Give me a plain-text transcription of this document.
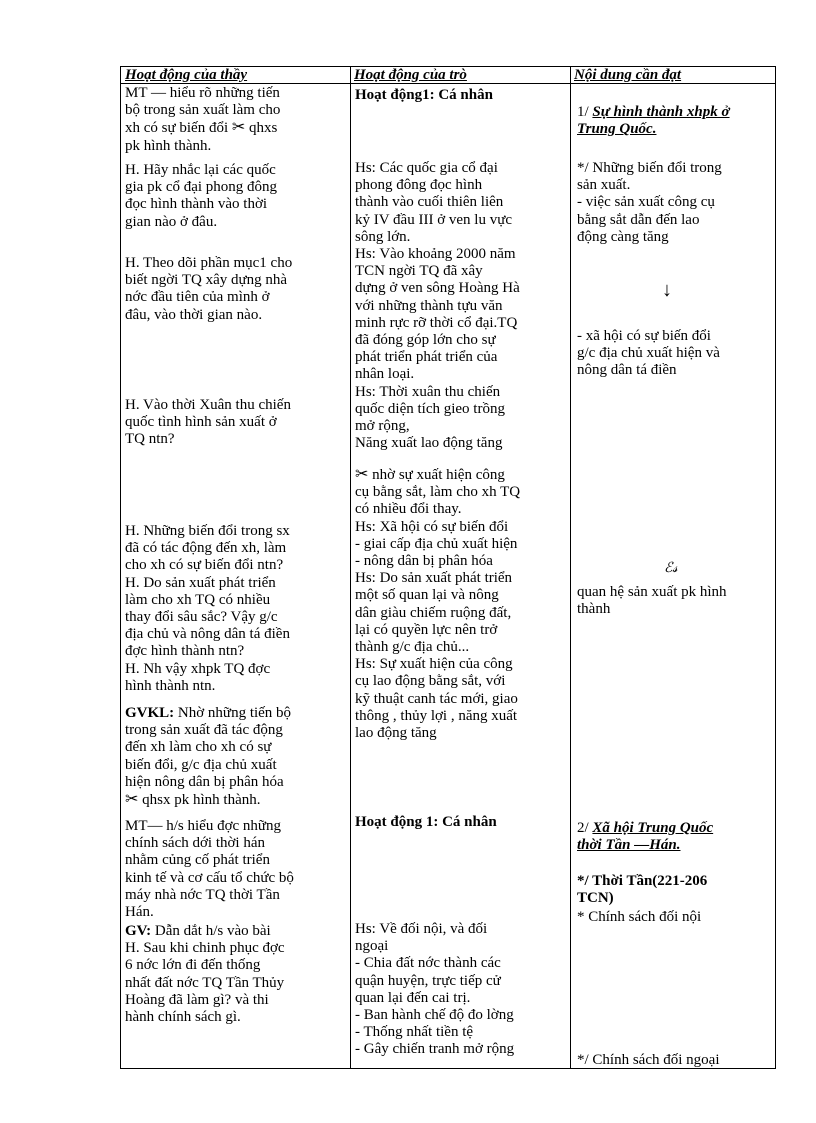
Hoạt động của thầy	Hoạt động của trò	Nội dung cần đạt
MT — hiểu rõ những tiến
bộ trong sản xuất làm cho
xh có sự biến đổi ✂ qhxs
pk hình thành.
H. Hãy nhắc lại các quốc
gia pk cổ đại phong đông
đọc hình thành vào thời
gian nào ở đâu.
H. Theo dõi phần mục1 cho
biết ngời TQ xây dựng nhà
nớc đầu tiên của mình ở
đâu, vào thời gian nào.
H. Vào thời Xuân thu chiến
quốc tình hình sản xuất ở
TQ ntn?
H. Những biến đổi trong sx
đã có tác động đến xh, làm
cho xh có sự biến đổi ntn?
H. Do sản xuất phát triển
làm cho xh TQ có nhiều
thay đổi sâu sắc? Vậy g/c
địa chủ và nông dân tá điền
đợc hình thành ntn?
H. Nh vậy xhpk TQ đợc
hình thành ntn.
GVKL: Nhờ những tiến bộ
trong sản xuất đã tác động
đến xh làm cho xh có sự
biến đổi, g/c địa chủ xuất
hiện nông dân bị phân hóa
✂ qhsx pk hình thành.
MT— h/s hiểu đợc những
chính sách dới thời hán
nhằm củng cố phát triển
kinh tế và cơ cấu tổ chức bộ
máy nhà nớc TQ thời Tần
Hán.
GV: Dẫn dắt h/s vào bài
H. Sau khi chinh phục đợc
6 nớc lớn đi đến thống
nhất đất nớc TQ Tần Thủy
Hoàng đã làm gì? và thi
hành chính sách gì.
Hoạt động1: Cá nhân
Hs: Các quốc gia cổ đại
phong đông đọc hình
thành vào cuối thiên liên
kỷ IV đầu III ở ven lu vực
sông lớn.
Hs: Vào khoảng 2000 năm
TCN ngời TQ đã xây
dựng ở ven sông Hoàng Hà
với những thành tựu văn
minh rực rỡ thời cổ đại.TQ
đã đóng góp lớn cho sự
phát triển phát triển của
nhân loại.
Hs: Thời xuân thu chiến
quốc diện tích gieo trồng
mở rộng,
Năng xuất lao động tăng
✂ nhờ sự xuất hiện công
cụ bằng sắt, làm cho xh TQ
có nhiều đổi thay.
Hs: Xã hội có sự biến đổi
- giai cấp địa chủ xuất hiện
- nông dân bị phân hóa
Hs: Do sản xuất phát triển
một số quan lại và nông
dân giàu chiếm ruộng đất,
lại có quyền lực nên trở
thành g/c địa chủ...
Hs: Sự xuất hiện của công
cụ lao động bằng sắt, với
kỹ thuật canh tác mới, giao
thông , thủy lợi , năng xuất
lao động tăng
Hoạt động 1: Cá nhân
Hs: Về đối nội, và đối
ngoại
- Chia đất nớc thành các
quận huyện, trực tiếp cử
quan lại đến cai trị.
- Ban hành chế độ đo lờng
- Thống nhất tiền tệ
- Gây chiến tranh mở rộng
1/ Sự hình thành xhpk ở
Trung Quốc.
*/ Những biến đổi trong
sản xuất.
- việc sản xuất công cụ
bằng sắt dẫn đến lao
động càng tăng
↓
- xã hội có sự biến đổi
g/c địa chủ xuất hiện và
nông dân tá điền
ℰ𝓈
quan hệ sản xuất pk hình
thành
2/ Xã hội Trung Quốc
thời Tần —Hán.
*/ Thời Tần(221-206
TCN)
* Chính sách đối nội
*/ Chính sách đối ngoại
